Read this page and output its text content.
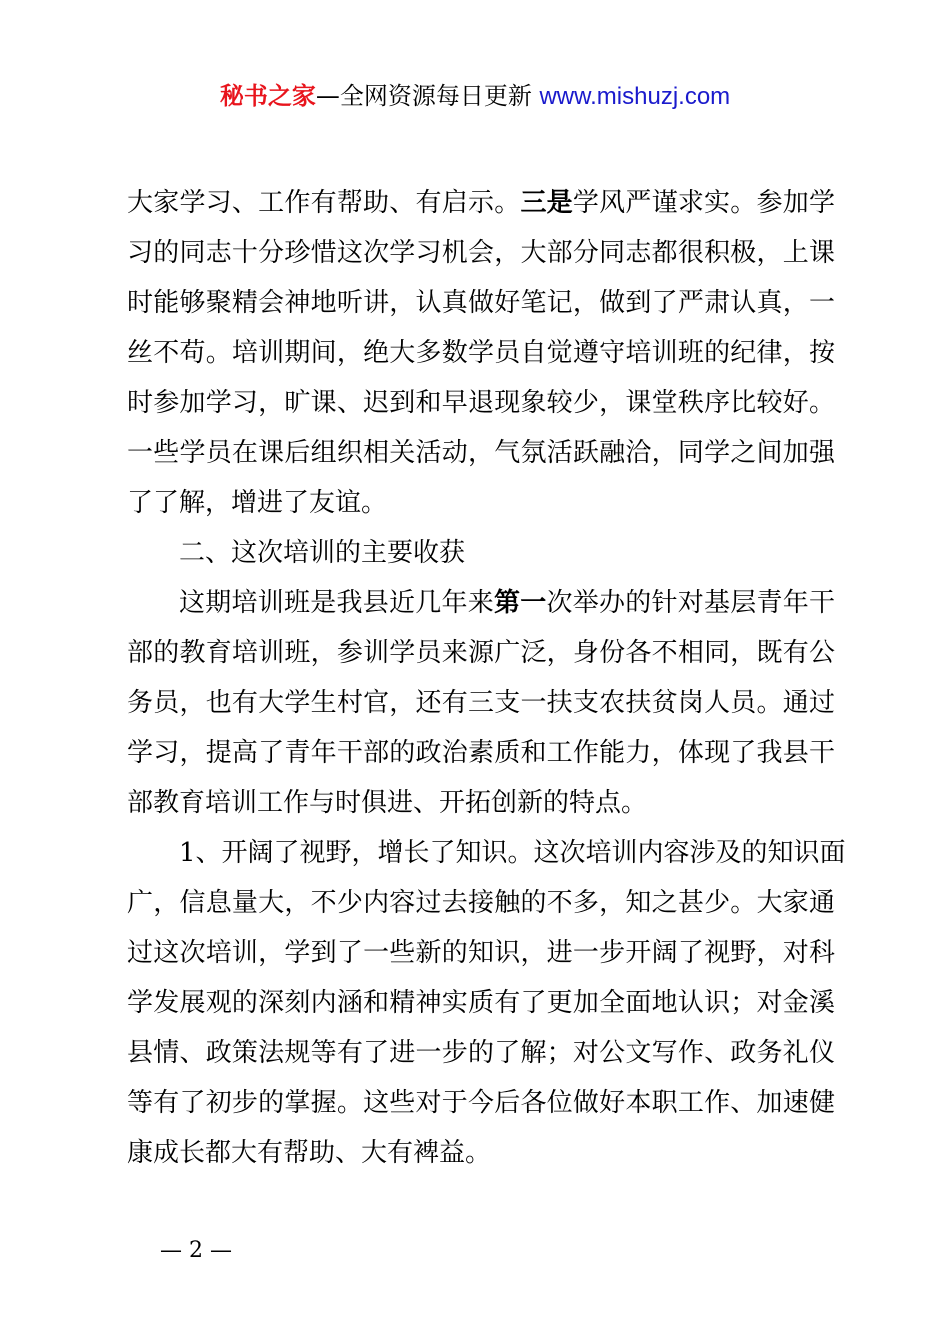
秘书之家—全网资源每日更新 www.mishuzj.com
大家学习、工作有帮助、有启示。三是学风严谨求实。参加学
习的同志十分珍惜这次学习机会，大部分同志都很积极，上课
时能够聚精会神地听讲，认真做好笔记，做到了严肃认真，一
丝不苟。培训期间，绝大多数学员自觉遵守培训班的纪律，按
时参加学习，旷课、迟到和早退现象较少，课堂秩序比较好。
一些学员在课后组织相关活动，气氛活跃融洽，同学之间加强
了了解，增进了友谊。
二、这次培训的主要收获
这期培训班是我县近几年来第一次举办的针对基层青年干
部的教育培训班，参训学员来源广泛，身份各不相同，既有公
务员，也有大学生村官，还有三支一扶支农扶贫岗人员。通过
学习，提高了青年干部的政治素质和工作能力，体现了我县干
部教育培训工作与时俱进、开拓创新的特点。
1、开阔了视野，增长了知识。这次培训内容涉及的知识面
广，信息量大，不少内容过去接触的不多，知之甚少。大家通
过这次培训，学到了一些新的知识，进一步开阔了视野，对科
学发展观的深刻内涵和精神实质有了更加全面地认识；对金溪
县情、政策法规等有了进一步的了解；对公文写作、政务礼仪
等有了初步的掌握。这些对于今后各位做好本职工作、加速健
康成长都大有帮助、大有裨益。
— 2 —
